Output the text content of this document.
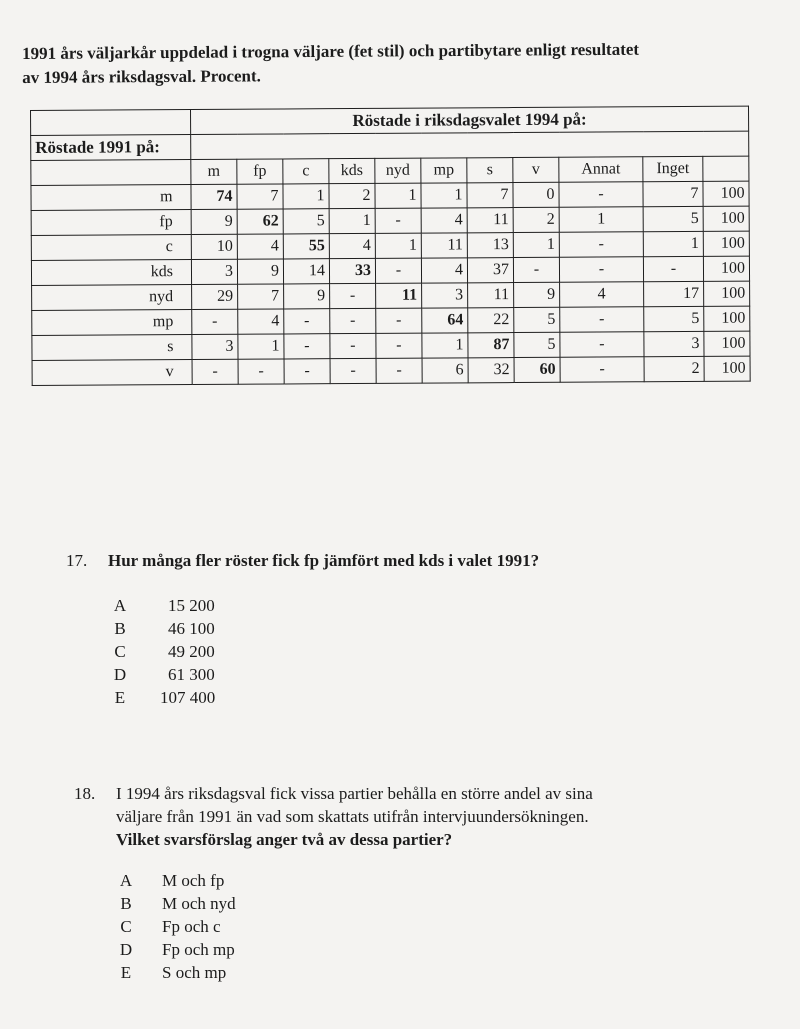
1991 års väljarkår uppdelad i trogna väljare (fet stil) och partibytare enligt resultatet
av 1994 års riksdagsval. Procent.
	Röstade i riksdagsvalet 1994 på:										
Röstade 1991 på:											
	m	fp	c	kds	nyd	mp	s	v	Annat	Inget	
m	74	7	1	2	1	1	7	0	-	7	100
fp	9	62	5	1	-	4	11	2	1	5	100
c	10	4	55	4	1	11	13	1	-	1	100
kds	3	9	14	33	-	4	37	-	-	-	100
nyd	29	7	9	-	11	3	11	9	4	17	100
mp	-	4	-	-	-	64	22	5	-	5	100
s	3	1	-	-	-	1	87	5	-	3	100
v	-	-	-	-	-	6	32	60	-	2	100
17. Hur många fler röster fick fp jämfört med kds i valet 1991?
A 15 200
B 46 100
C 49 200
D 61 300
E 107 400
18. I 1994 års riksdagsval fick vissa partier behålla en större andel av sina
väljare från 1991 än vad som skattats utifrån intervjuundersökningen.
Vilket svarsförslag anger två av dessa partier?
A M och fp
B M och nyd
C Fp och c
D Fp och mp
E S och mp
